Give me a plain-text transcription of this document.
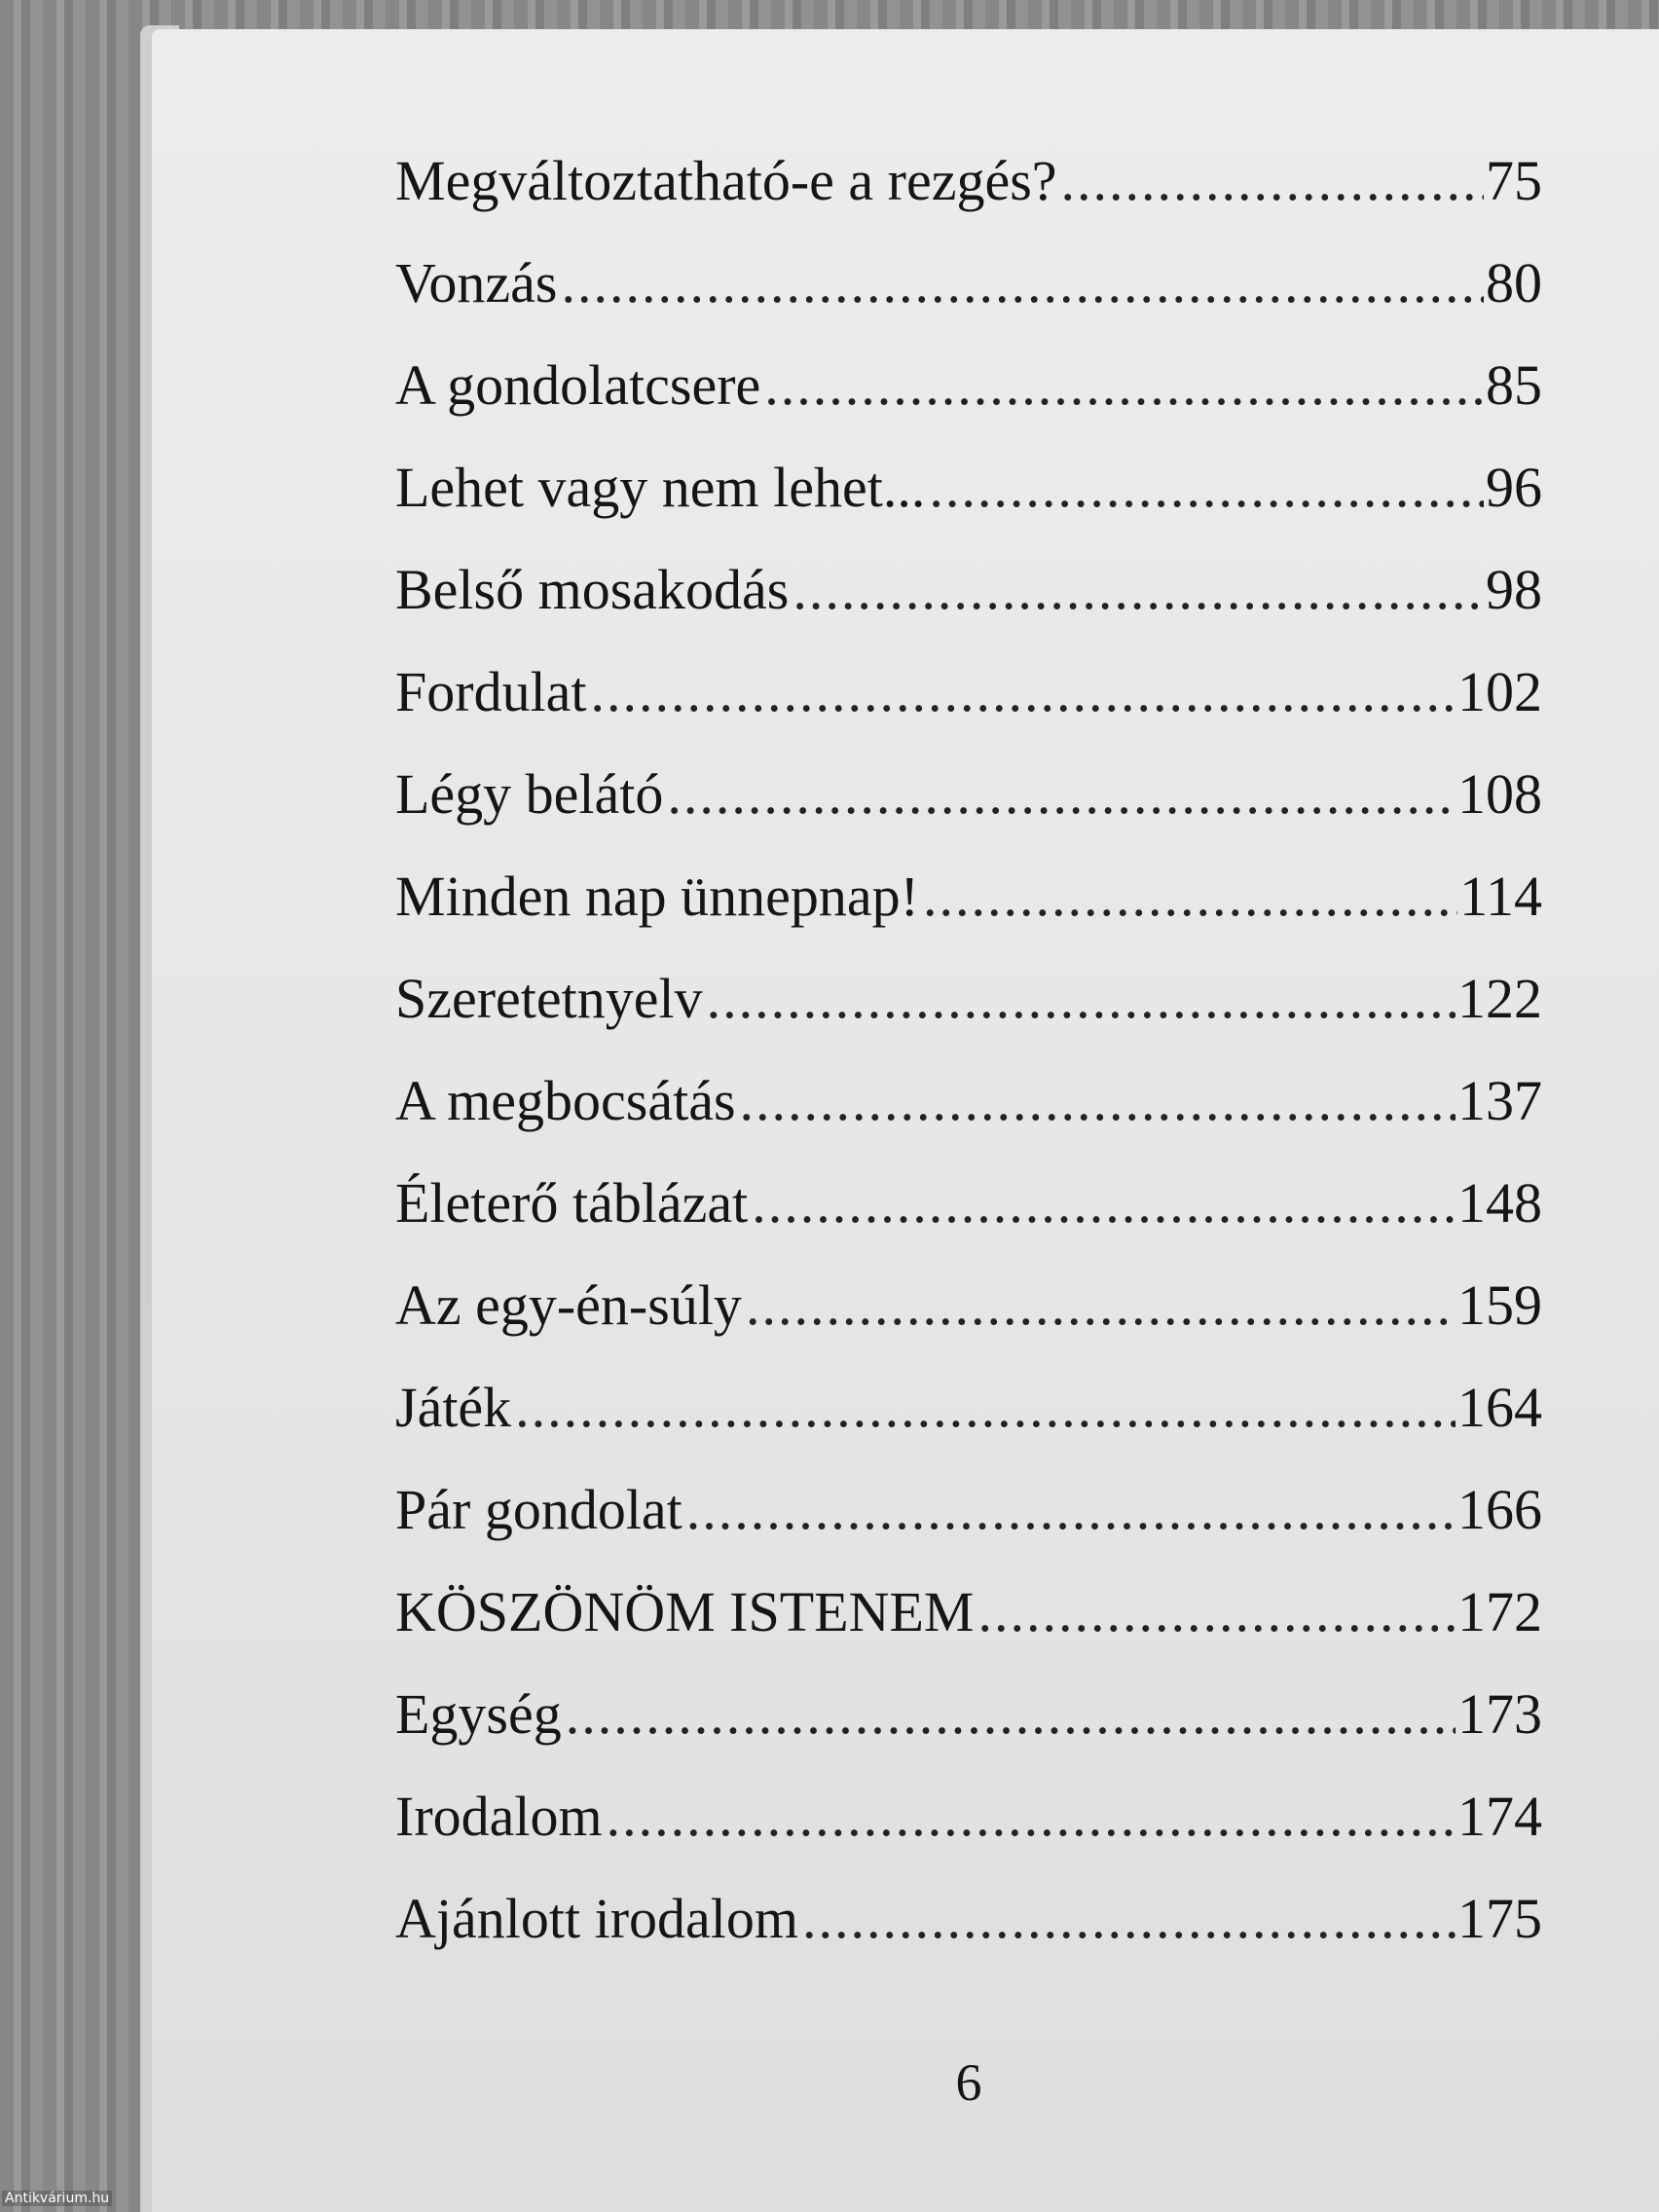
Megváltoztatható-e a rezgés? .....	75
Vonzás .....	80
A gondolatcsere .....	85
Lehet vagy nem lehet... .....	96
Belső mosakodás .....	98
Fordulat .....	102
Légy belátó .....	108
Minden nap ünnepnap! .....	114
Szeretetnyelv .....	122
A megbocsátás .....	137
Életerő táblázat .....	148
Az egy-én-súly .....	159
Játék .....	164
Pár gondolat .....	166
KÖSZÖNÖM ISTENEM .....	172
Egység .....	173
Irodalom .....	174
Ajánlott irodalom .....	175
6
Antikvárium.hu
